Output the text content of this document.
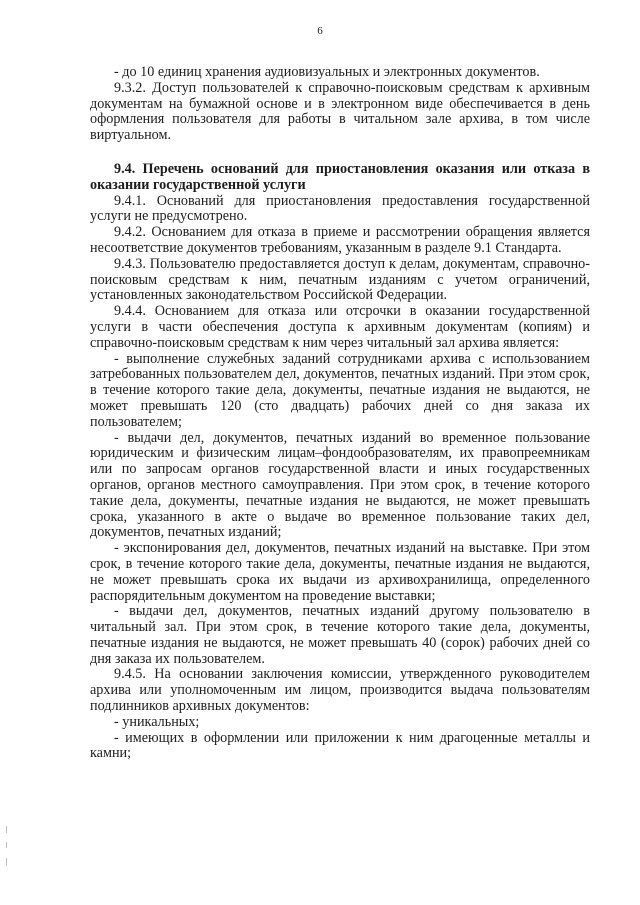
6

- до 10 единиц хранения аудиовизуальных и электронных документов.

9.3.2. Доступ пользователей к справочно-поисковым средствам к архивным документам на бумажной основе и в электронном виде обеспечивается в день оформления пользователя для работы в читальном зале архива, в том числе виртуальном.

9.4. Перечень оснований для приостановления оказания или отказа в оказании государственной услуги

9.4.1. Оснований для приостановления предоставления государственной услуги не предусмотрено.

9.4.2. Основанием для отказа в приеме и рассмотрении обращения является несоответствие документов требованиям, указанным в разделе 9.1 Стандарта.

9.4.3. Пользователю предоставляется доступ к делам, документам, справочно-поисковым средствам к ним, печатным изданиям с учетом ограничений, установленных законодательством Российской Федерации.

9.4.4. Основанием для отказа или отсрочки в оказании государственной услуги в части обеспечения доступа к архивным документам (копиям) и справочно-поисковым средствам к ним через читальный зал архива является:

- выполнение служебных заданий сотрудниками архива с использованием затребованных пользователем дел, документов, печатных изданий. При этом срок, в течение которого такие дела, документы, печатные издания не выдаются, не может превышать 120 (сто двадцать) рабочих дней со дня заказа их пользователем;

- выдачи дел, документов, печатных изданий во временное пользование юридическим и физическим лицам–фондообразователям, их правопреемникам или по запросам органов государственной власти и иных государственных органов, органов местного самоуправления. При этом срок, в течение которого такие дела, документы, печатные издания не выдаются, не может превышать срока, указанного в акте о выдаче во временное пользование таких дел, документов, печатных изданий;

- экспонирования дел, документов, печатных изданий на выставке. При этом срок, в течение которого такие дела, документы, печатные издания не выдаются, не может превышать срока их выдачи из архивохранилища, определенного распорядительным документом на проведение выставки;

- выдачи дел, документов, печатных изданий другому пользователю в читальный зал. При этом срок, в течение которого такие дела, документы, печатные издания не выдаются, не может превышать 40 (сорок) рабочих дней со дня заказа их пользователем.

9.4.5. На основании заключения комиссии, утвержденного руководителем архива или уполномоченным им лицом, производится выдача пользователям подлинников архивных документов:

- уникальных;

- имеющих в оформлении или приложении к ним драгоценные металлы и камни;
